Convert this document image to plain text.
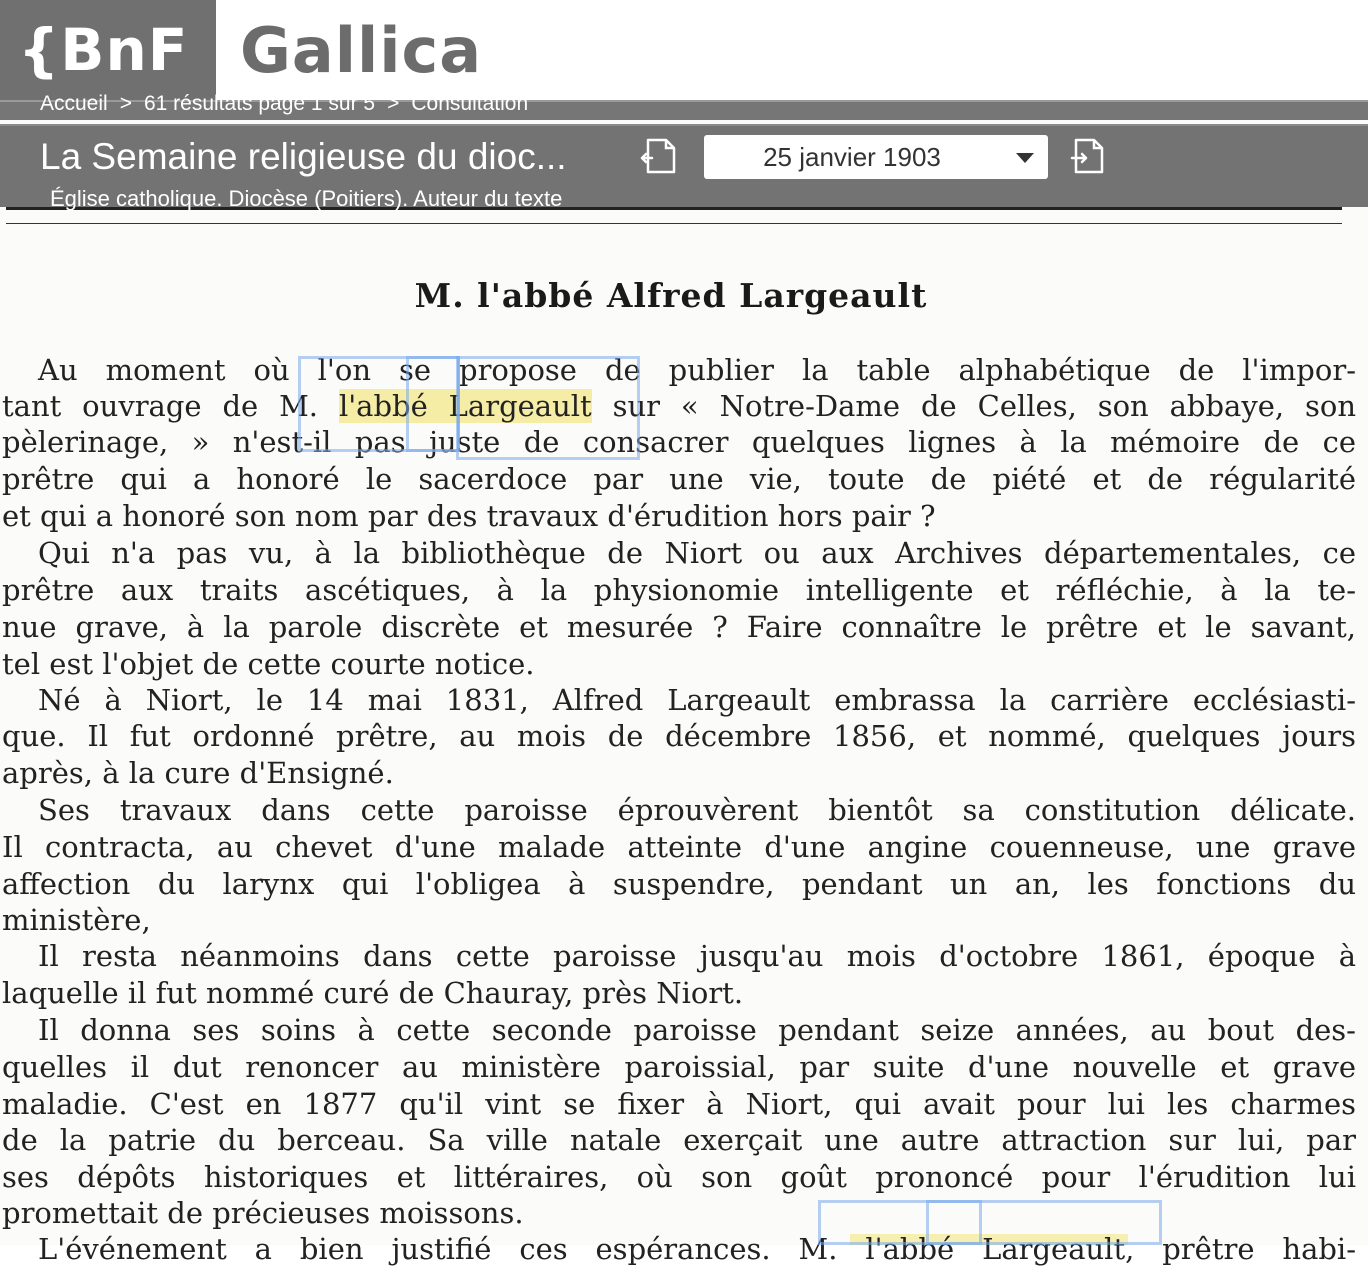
M. l'abbé Alfred Largeault
Au moment où l'on se propose de publier la table alphabétique de l'impor-
tant ouvrage de M. l'abbé Largeault sur « Notre-Dame de Celles, son abbaye, son
pèlerinage, » n'est-il pas juste de consacrer quelques lignes à la mémoire de ce
prêtre qui a honoré le sacerdoce par une vie, toute de piété et de régularité
et qui a honoré son nom par des travaux d'érudition hors pair ?
Qui n'a pas vu, à la bibliothèque de Niort ou aux Archives départementales, ce
prêtre aux traits ascétiques, à la physionomie intelligente et réfléchie, à la te-
nue grave, à la parole discrète et mesurée ? Faire connaître le prêtre et le savant,
tel est l'objet de cette courte notice.
Né à Niort, le 14 mai 1831, Alfred Largeault embrassa la carrière ecclésiasti-
que. Il fut ordonné prêtre, au mois de décembre 1856, et nommé, quelques jours
après, à la cure d'Ensigné.
Ses travaux dans cette paroisse éprouvèrent bientôt sa constitution délicate.
Il contracta, au chevet d'une malade atteinte d'une angine couenneuse, une grave
affection du larynx qui l'obligea à suspendre, pendant un an, les fonctions du
ministère,
Il resta néanmoins dans cette paroisse jusqu'au mois d'octobre 1861, époque à
laquelle il fut nommé curé de Chauray, près Niort.
Il donna ses soins à cette seconde paroisse pendant seize années, au bout des-
quelles il dut renoncer au ministère paroissial, par suite d'une nouvelle et grave
maladie. C'est en 1877 qu'il vint se fixer à Niort, qui avait pour lui les charmes
de la patrie du berceau. Sa ville natale exerçait une autre attraction sur lui, par
ses dépôts historiques et littéraires, où son goût prononcé pour l'érudition lui
promettait de précieuses moissons.
L'événement a bien justifié ces espérances. M. l'abbé Largeault, prêtre habi-
{BnF Gallica
Accueil > 61 résultats page 1 sur 5 > Consultation
La Semaine religieuse du dioc...
Église catholique. Diocèse (Poitiers). Auteur du texte
25 janvier 1903
